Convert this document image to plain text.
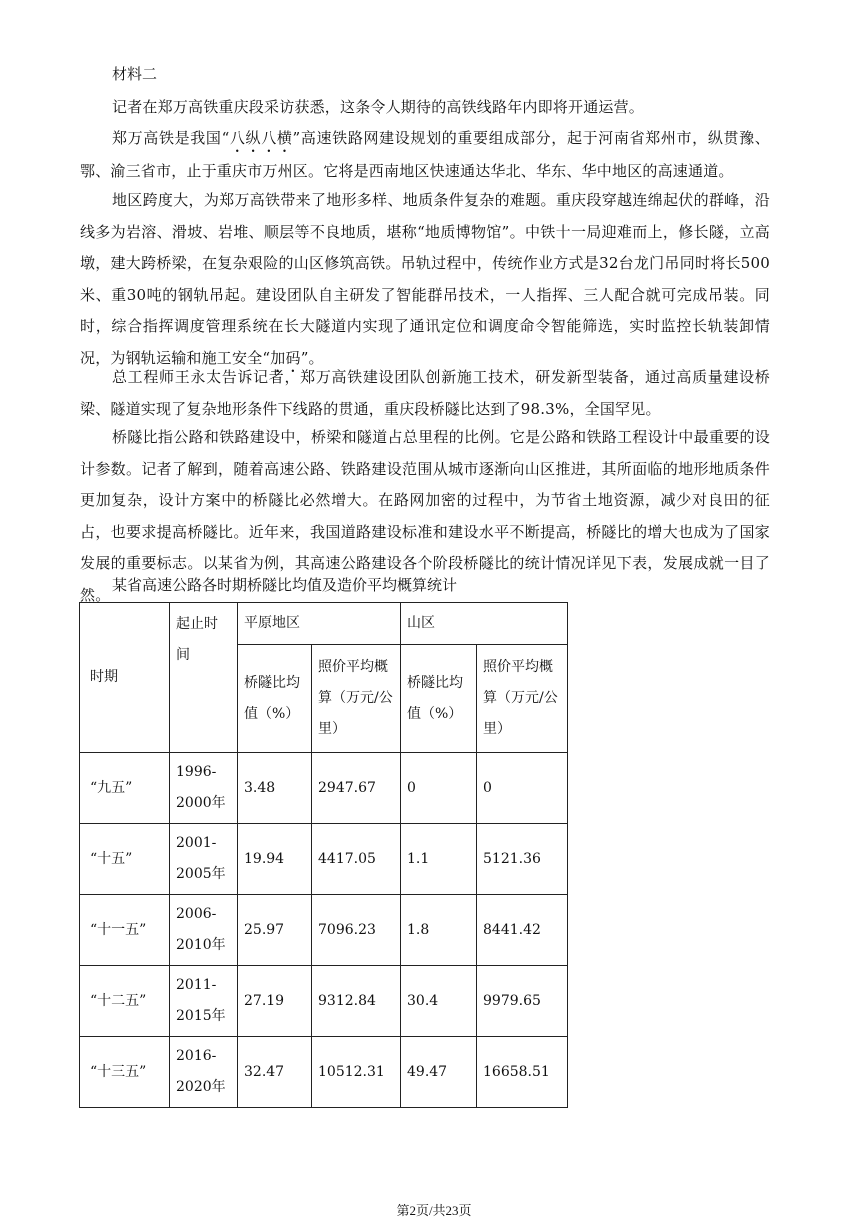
材料二

记者在郑万高铁重庆段采访获悉，这条令人期待的高铁线路年内即将开通运营。

郑万高铁是我国“八纵八横”高速铁路网建设规划的重要组成部分，起于河南省郑州市，纵贯豫、鄂、渝三省市，止于重庆市万州区。它将是西南地区快速通达华北、华东、华中地区的高速通道。

地区跨度大，为郑万高铁带来了地形多样、地质条件复杂的难题。重庆段穿越连绵起伏的群峰，沿线多为岩溶、滑坡、岩堆、顺层等不良地质，堪称“地质博物馆”。中铁十一局迎难而上，修长隧，立高墩，建大跨桥梁，在复杂艰险的山区修筑高铁。吊轨过程中，传统作业方式是32台龙门吊同时将长500米、重30吨的钢轨吊起。建设团队自主研发了智能群吊技术，一人指挥、三人配合就可完成吊装。同时，综合指挥调度管理系统在长大隧道内实现了通讯定位和调度命令智能筛选，实时监控长轨装卸情况，为钢轨运输和施工安全“加码”。

总工程师王永太告诉记者，郑万高铁建设团队创新施工技术，研发新型装备，通过高质量建设桥梁、隧道实现了复杂地形条件下线路的贯通，重庆段桥隧比达到了98.3%，全国罕见。

桥隧比指公路和铁路建设中，桥梁和隧道占总里程的比例。它是公路和铁路工程设计中最重要的设计参数。记者了解到，随着高速公路、铁路建设范围从城市逐渐向山区推进，其所面临的地形地质条件更加复杂，设计方案中的桥隧比必然增大。在路网加密的过程中，为节省土地资源，减少对良田的征占，也要求提高桥隧比。近年来，我国道路建设标准和建设水平不断提高，桥隧比的增大也成为了国家发展的重要标志。以某省为例，其高速公路建设各个阶段桥隧比的统计情况详见下表，发展成就一目了然。

某省高速公路各时期桥隧比均值及造价平均概算统计

时期	起止时间	平原地区		山区	
		桥隧比均值（%）	照价平均概算（万元/公里）	桥隧比均值（%）	照价平均概算（万元/公里）
“九五”	1996-2000年	3.48	2947.67	0	0
“十五”	2001-2005年	19.94	4417.05	1.1	5121.36
“十一五”	2006-2010年	25.97	7096.23	1.8	8441.42
“十二五”	2011-2015年	27.19	9312.84	30.4	9979.65
“十三五”	2016-2020年	32.47	10512.31	49.47	16658.51
第2页/共23页
